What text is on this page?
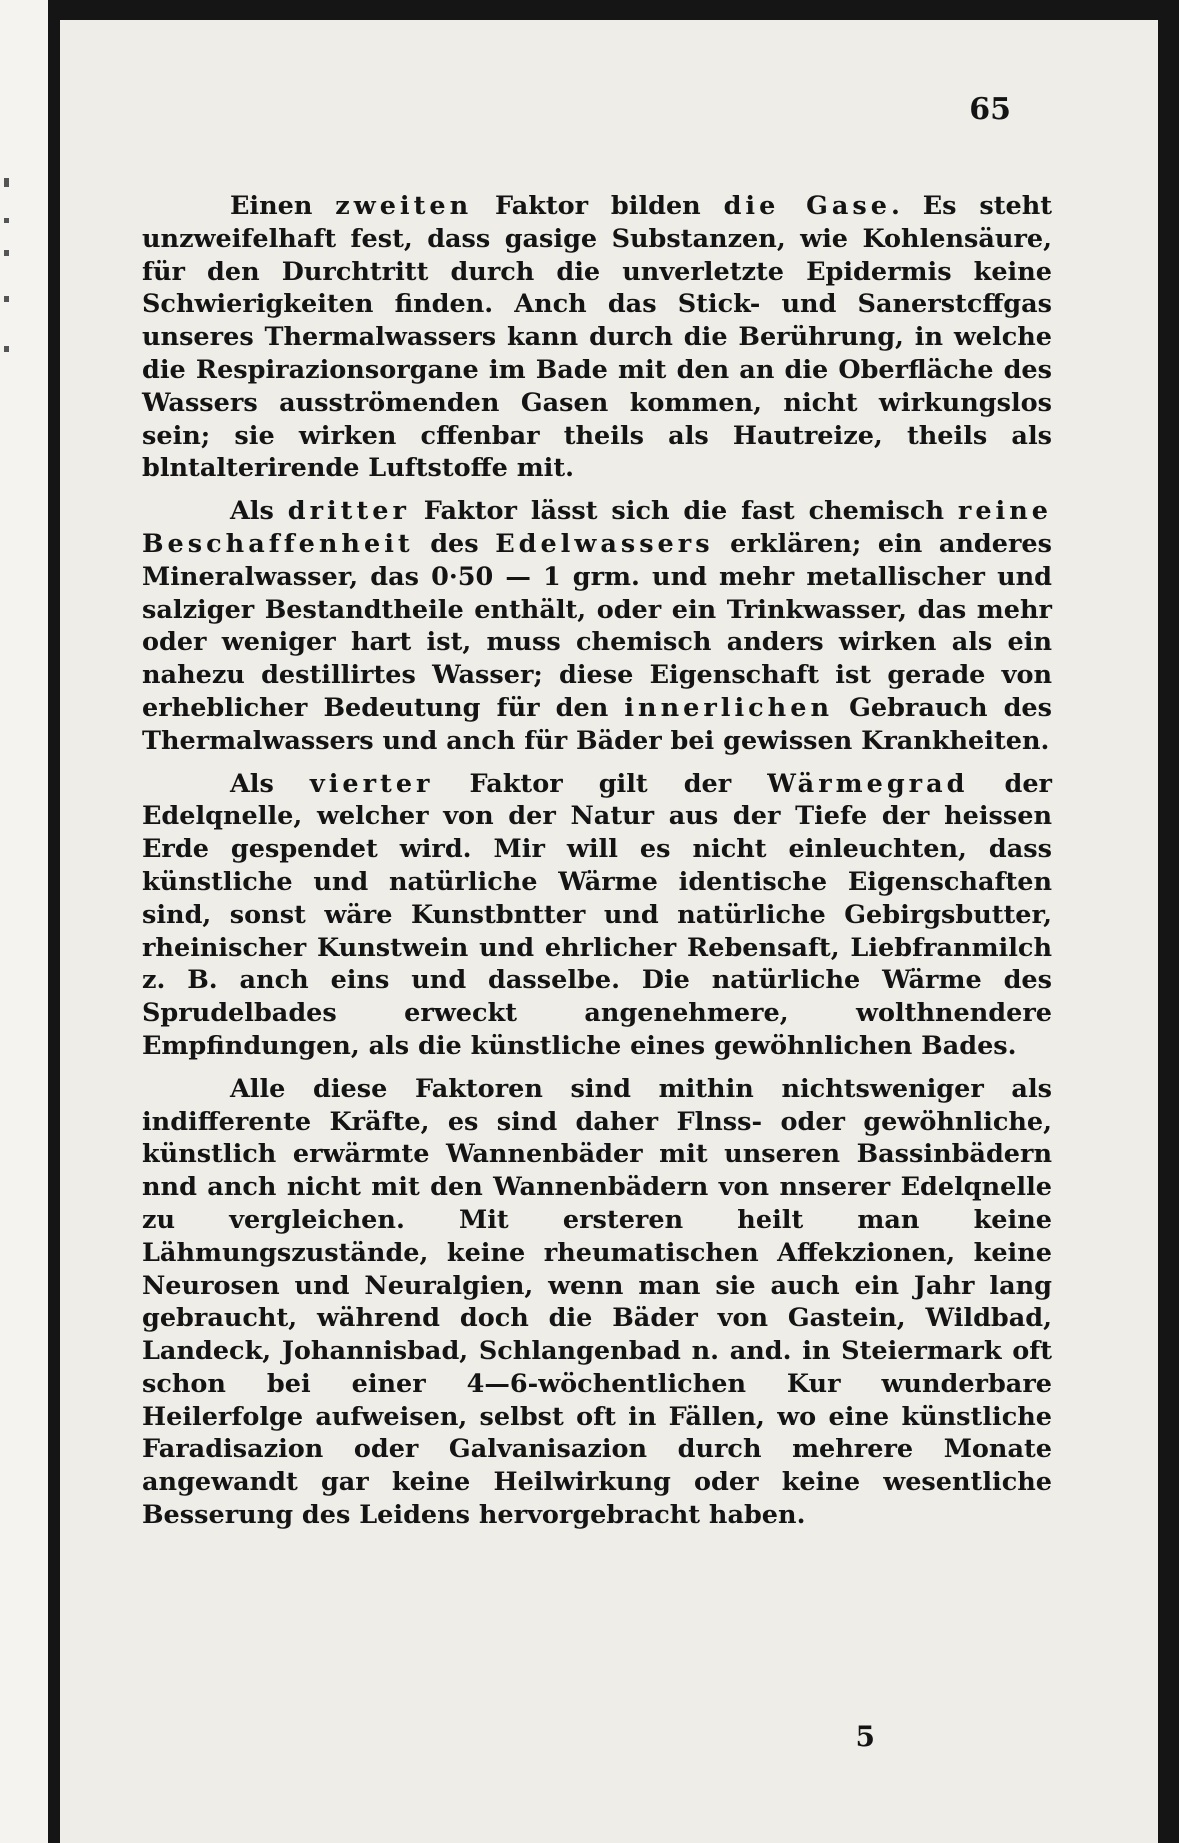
65

Einen zweiten Faktor bilden die Gase. Es steht unzweifelhaft fest, dass gasige Substanzen, wie Kohlensäure, für den Durchtritt durch die unverletzte Epidermis keine Schwierigkeiten finden. Anch das Stick- und Sanerstcffgas unseres Thermalwassers kann durch die Berührung, in welche die Respirazionsorgane im Bade mit den an die Oberfläche des Wassers ausströmenden Gasen kommen, nicht wirkungslos sein; sie wirken cffenbar theils als Hautreize, theils als blntalterirende Luftstoffe mit.

Als dritter Faktor lässt sich die fast chemisch reine Beschaffenheit des Edelwassers erklären; ein anderes Mineralwasser, das 0·50 — 1 grm. und mehr metallischer und salziger Bestandtheile enthält, oder ein Trinkwasser, das mehr oder weniger hart ist, muss chemisch anders wirken als ein nahezu destillirtes Wasser; diese Eigenschaft ist gerade von erheblicher Bedeutung für den innerlichen Gebrauch des Thermalwassers und anch für Bäder bei gewissen Krankheiten.

Als vierter Faktor gilt der Wärmegrad der Edelqnelle, welcher von der Natur aus der Tiefe der heissen Erde gespendet wird. Mir will es nicht einleuchten, dass künstliche und natürliche Wärme identische Eigenschaften sind, sonst wäre Kunstbntter und natürliche Gebirgsbutter, rheinischer Kunstwein und ehrlicher Rebensaft, Liebfranmilch z. B. anch eins und dasselbe. Die natürliche Wärme des Sprudelbades erweckt angenehmere, wolthnendere Empfindungen, als die künstliche eines gewöhnlichen Bades.

Alle diese Faktoren sind mithin nichtsweniger als indifferente Kräfte, es sind daher Flnss- oder gewöhnliche, künstlich erwärmte Wannenbäder mit unseren Bassinbädern nnd anch nicht mit den Wannenbädern von nnserer Edelqnelle zu vergleichen. Mit ersteren heilt man keine Lähmungszustände, keine rheumatischen Affekzionen, keine Neurosen und Neuralgien, wenn man sie auch ein Jahr lang gebraucht, während doch die Bäder von Gastein, Wildbad, Landeck, Johannisbad, Schlangenbad n. and. in Steiermark oft schon bei einer 4—6-wöchentlichen Kur wunderbare Heilerfolge aufweisen, selbst oft in Fällen, wo eine künstliche Faradisazion oder Galvanisazion durch mehrere Monate angewandt gar keine Heilwirkung oder keine wesentliche Besserung des Leidens hervorgebracht haben.

5
